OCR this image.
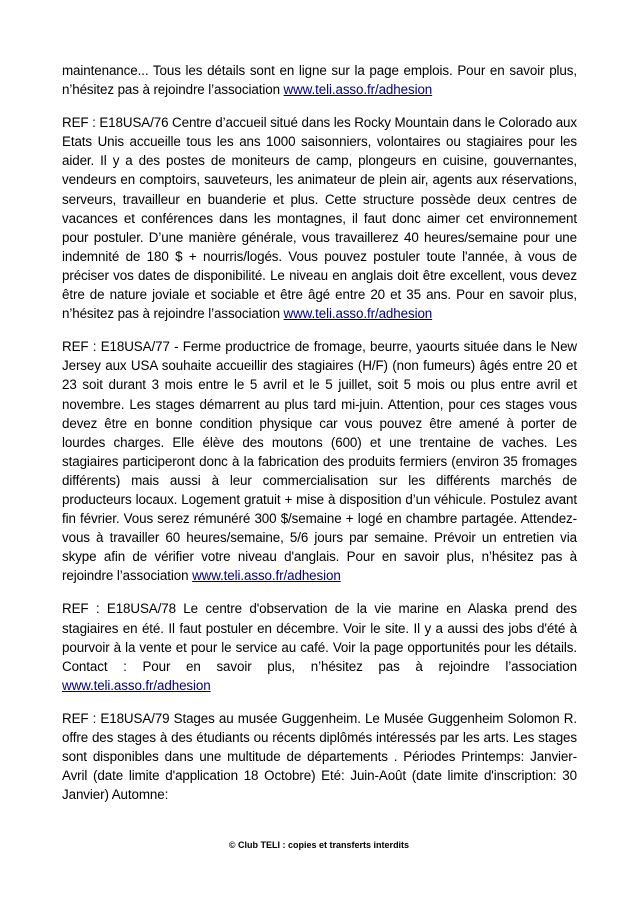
maintenance... Tous les détails sont en ligne sur la page emplois. Pour en savoir plus, n’hésitez pas à rejoindre l’association www.teli.asso.fr/adhesion

REF : E18USA/76 Centre d’accueil situé dans les Rocky Mountain dans le Colorado aux Etats Unis accueille tous les ans 1000 saisonniers, volontaires ou stagiaires pour les aider. Il y a des postes de moniteurs de camp, plongeurs en cuisine, gouvernantes, vendeurs en comptoirs, sauveteurs, les animateur de plein air, agents aux réservations, serveurs, travailleur en buanderie et plus. Cette structure possède deux centres de vacances et conférences dans les montagnes, il faut donc aimer cet environnement pour postuler. D’une manière générale, vous travaillerez 40 heures/semaine pour une indemnité de 180 $ + nourris/logés. Vous pouvez postuler toute l'année, à vous de préciser vos dates de disponibilité. Le niveau en anglais doit être excellent, vous devez être de nature joviale et sociable et être âgé entre 20 et 35 ans. Pour en savoir plus, n’hésitez pas à rejoindre l’association www.teli.asso.fr/adhesion

REF : E18USA/77 - Ferme productrice de fromage, beurre, yaourts située dans le New Jersey aux USA souhaite accueillir des stagiaires (H/F) (non fumeurs) âgés entre 20 et 23 soit durant 3 mois entre le 5 avril et le 5 juillet, soit 5 mois ou plus entre avril et novembre. Les stages démarrent au plus tard mi-juin. Attention, pour ces stages vous devez être en bonne condition physique car vous pouvez être amené à porter de lourdes charges. Elle élève des moutons (600) et une trentaine de vaches. Les stagiaires participeront donc à la fabrication des produits fermiers (environ 35 fromages différents) mais aussi à leur commercialisation sur les différents marchés de producteurs locaux. Logement gratuit + mise à disposition d’un véhicule. Postulez avant fin février. Vous serez rémunéré 300 $/semaine + logé en chambre partagée. Attendez-vous à travailler 60 heures/semaine, 5/6 jours par semaine. Prévoir un entretien via skype afin de vérifier votre niveau d'anglais. Pour en savoir plus, n’hésitez pas à rejoindre l’association www.teli.asso.fr/adhesion

REF : E18USA/78 Le centre d'observation de la vie marine en Alaska prend des stagiaires en été. Il faut postuler en décembre. Voir le site. Il y a aussi des jobs d'été à pourvoir à la vente et pour le service au café. Voir la page opportunités pour les détails. Contact : Pour en savoir plus, n’hésitez pas à rejoindre l’association www.teli.asso.fr/adhesion

REF : E18USA/79 Stages au musée Guggenheim. Le Musée Guggenheim Solomon R. offre des stages à des étudiants ou récents diplômés intéressés par les arts. Les stages sont disponibles dans une multitude de départements . Périodes Printemps: Janvier-Avril (date limite d'application 18 Octobre) Eté: Juin-Août (date limite d'inscription: 30 Janvier) Automne:

© Club TELI : copies et transferts interdits
